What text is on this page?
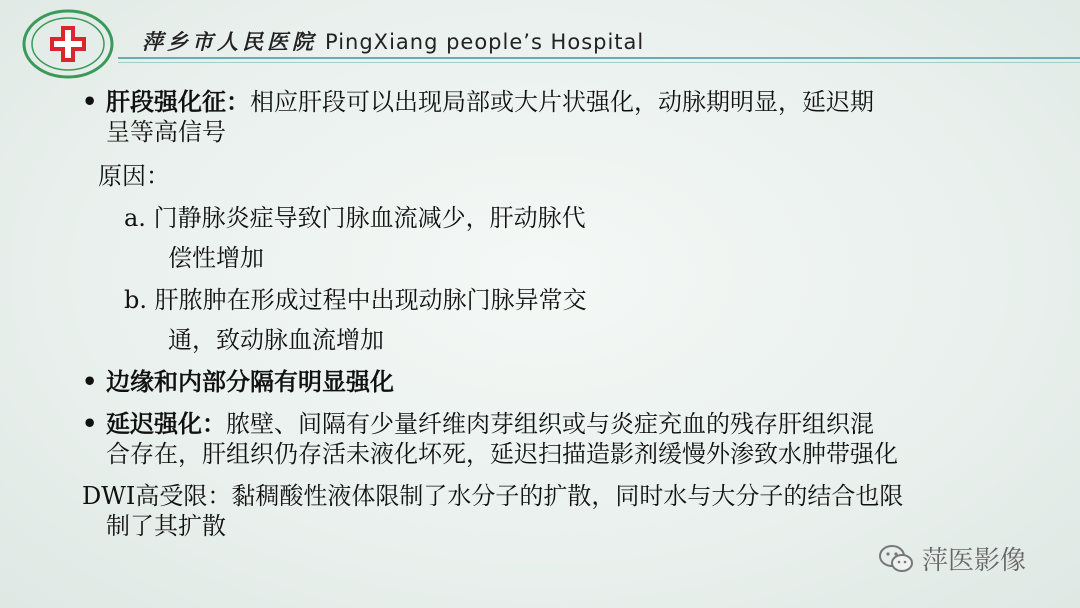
萍乡市人民医院 PingXiang people’s Hospital
• 肝段强化征：相应肝段可以出现局部或大片状强化，动脉期明显，延迟期
呈等高信号
原因：
a. 门静脉炎症导致门脉血流减少，肝动脉代
偿性增加
b. 肝脓肿在形成过程中出现动脉门脉异常交
通，致动脉血流增加
• 边缘和内部分隔有明显强化
• 延迟强化：脓壁、间隔有少量纤维肉芽组织或与炎症充血的残存肝组织混
合存在，肝组织仍存活未液化坏死，延迟扫描造影剂缓慢外渗致水肿带强化
DWI高受限：黏稠酸性液体限制了水分子的扩散，同时水与大分子的结合也限
制了其扩散
萍医影像
